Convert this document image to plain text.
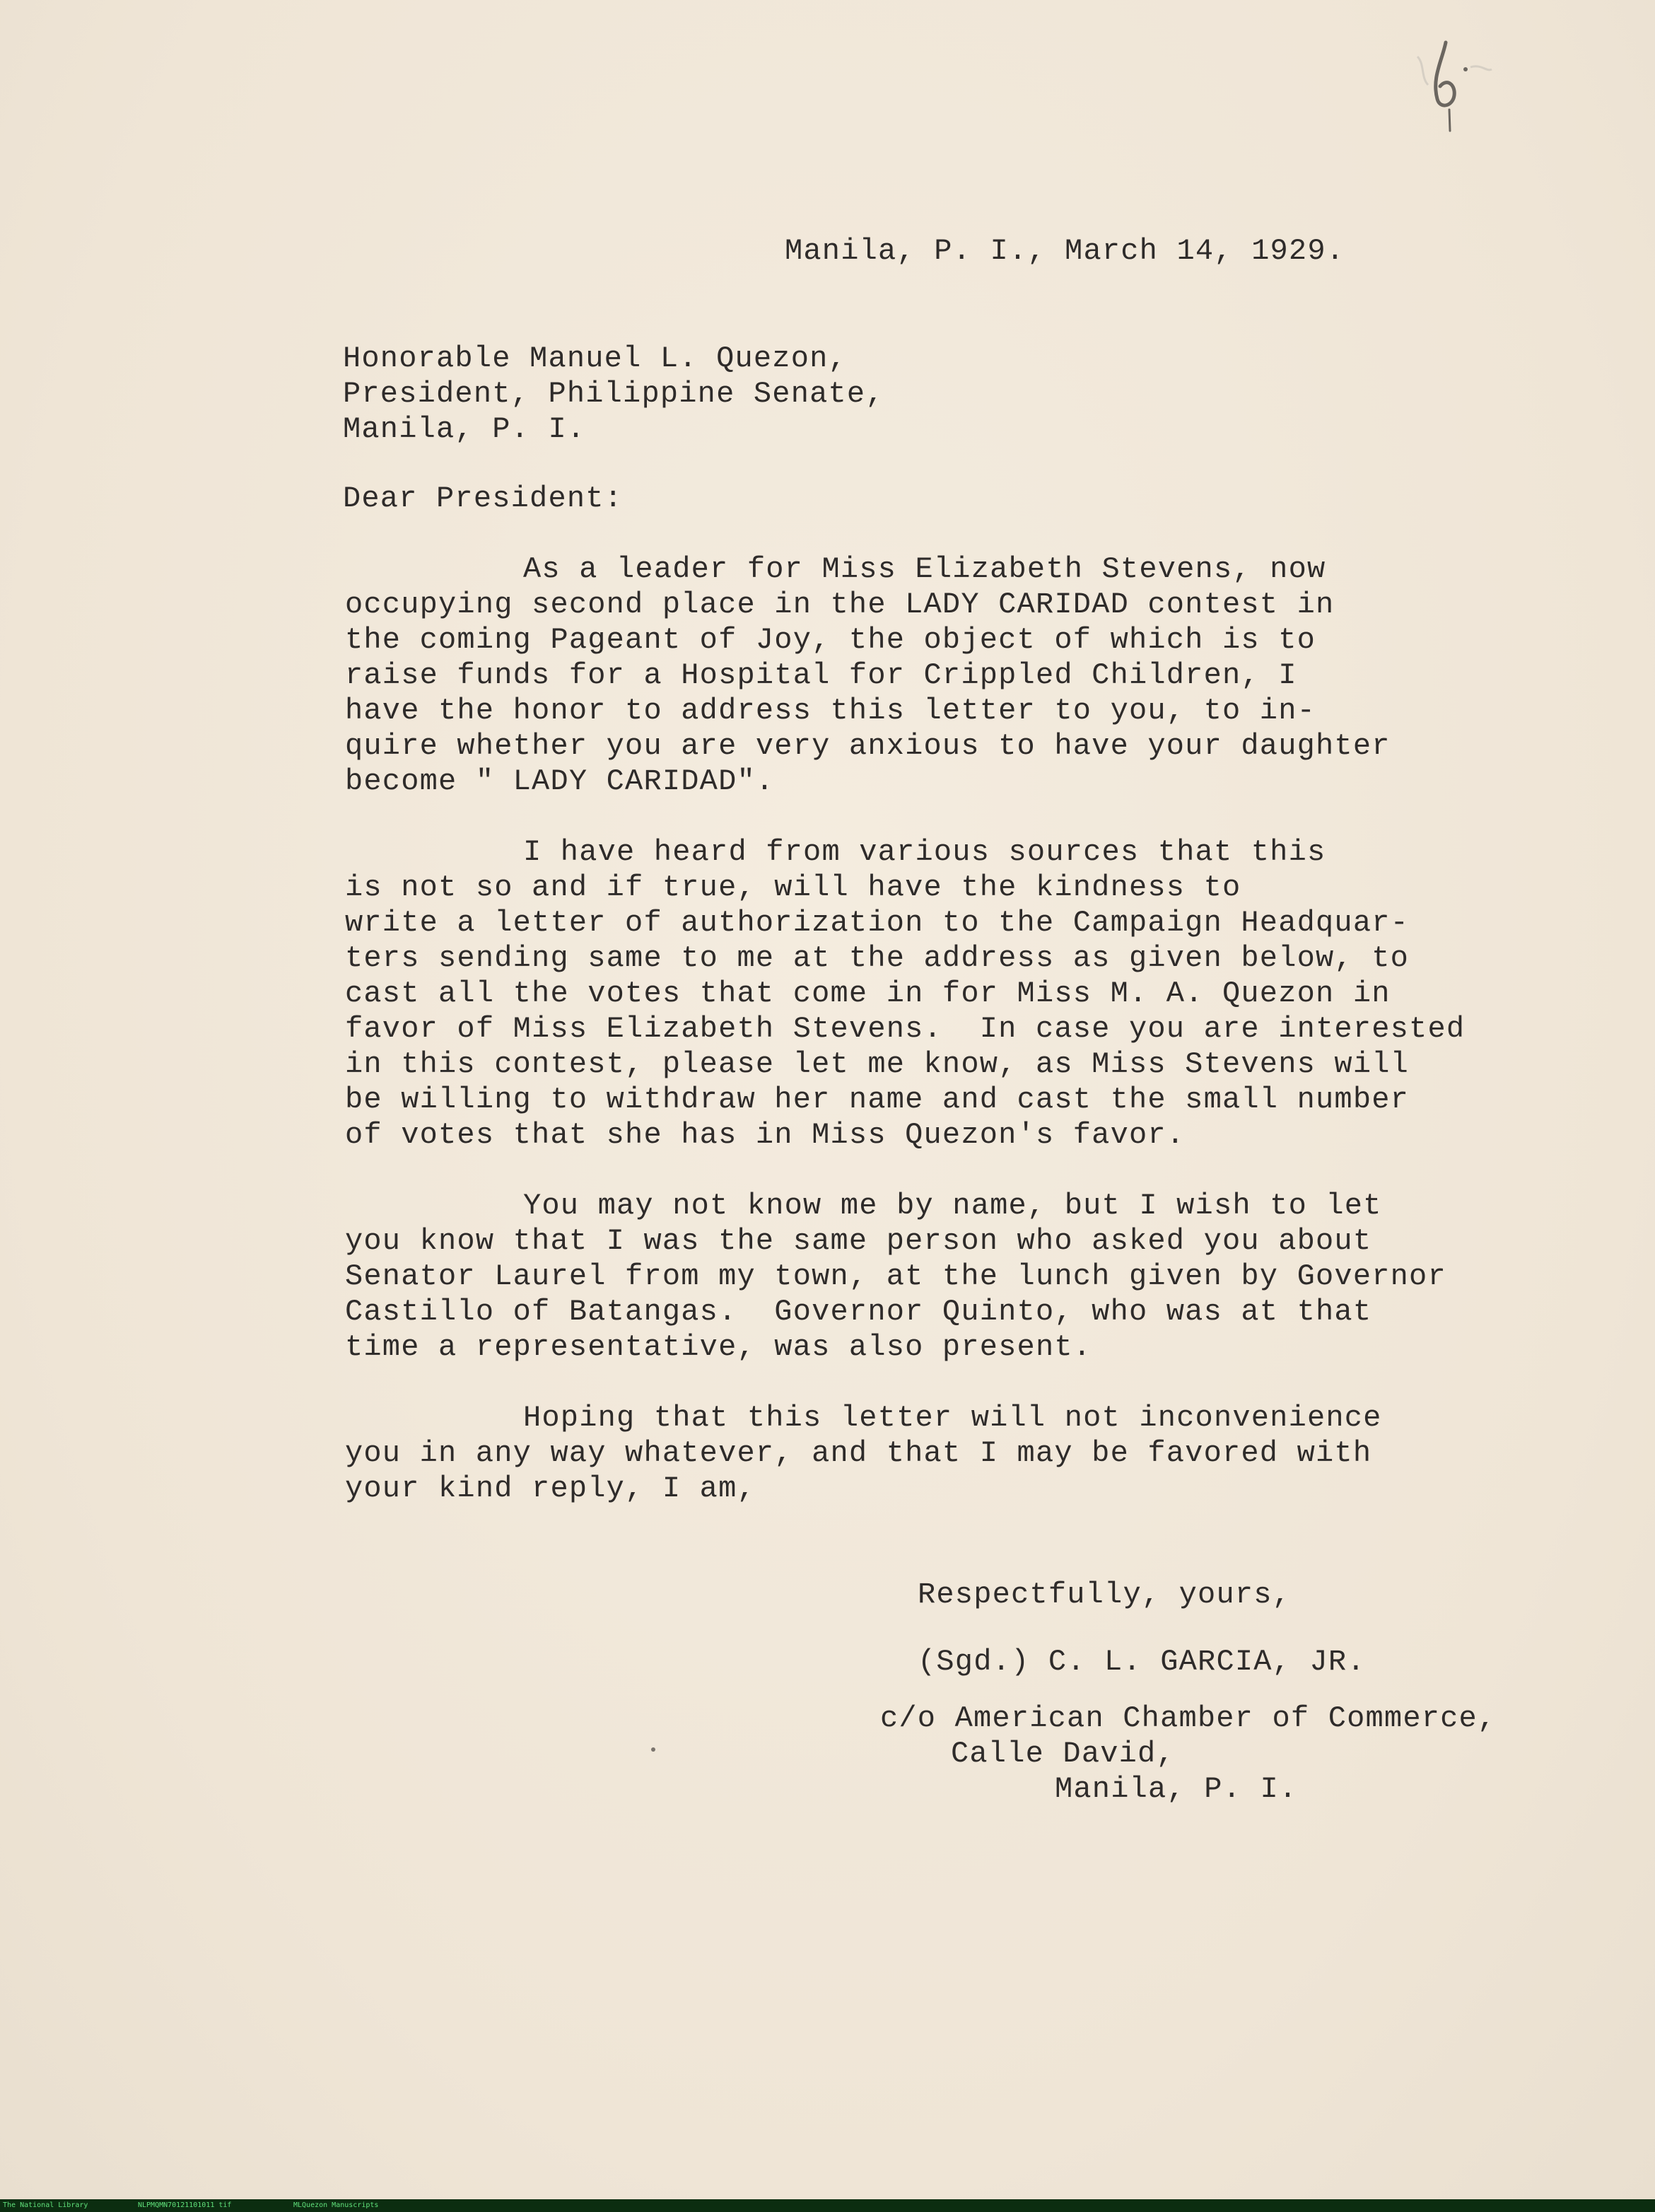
Manila, P. I., March 14, 1929.
Honorable Manuel L. Quezon,
President, Philippine Senate,
Manila, P. I.
Dear President:
As a leader for Miss Elizabeth Stevens, now
occupying second place in the LADY CARIDAD contest in
the coming Pageant of Joy, the object of which is to
raise funds for a Hospital for Crippled Children, I
have the honor to address this letter to you, to in-
quire whether you are very anxious to have your daughter
become " LADY CARIDAD".
I have heard from various sources that this
is not so and if true, will have the kindness to
write a letter of authorization to the Campaign Headquar-
ters sending same to me at the address as given below, to
cast all the votes that come in for Miss M. A. Quezon in
favor of Miss Elizabeth Stevens.  In case you are interested
in this contest, please let me know, as Miss Stevens will
be willing to withdraw her name and cast the small number
of votes that she has in Miss Quezon's favor.
You may not know me by name, but I wish to let
you know that I was the same person who asked you about
Senator Laurel from my town, at the lunch given by Governor
Castillo of Batangas.  Governor Quinto, who was at that
time a representative, was also present.
Hoping that this letter will not inconvenience
you in any way whatever, and that I may be favored with
your kind reply, I am,
Respectfully, yours,
(Sgd.) C. L. GARCIA, JR.
c/o American Chamber of Commerce,
Calle David,
Manila, P. I.
The National Library	NLPMQMN70121101011 tif	MLQuezon Manuscripts
